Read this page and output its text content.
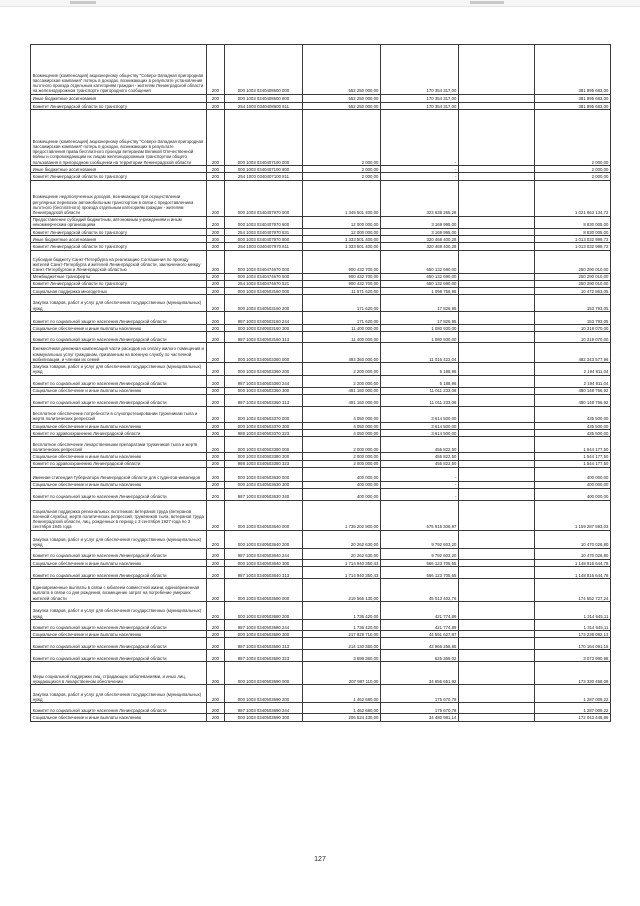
Возмещение (компенсация) акционерному обществу "Северо-Западная пригородная пассажирская компания" потерь в доходах, возникающих в результате установления льготного проезда отдельным категориям граждан - жителям Ленинградской области на железнодорожном транспорте пригородного сообщения	200	000 1003 0340408600 000	552 250 000,00	170 354 317,00		381 895 683,00
Иные бюджетные ассигнования	200	000 1003 0340408600 800	552 250 000,00	170 354 317,00		381 895 683,00
Комитет Ленинградской области по транспорту	200	254 1003 0340408600 811	552 250 000,00	170 354 317,00		381 895 683,00
Возмещение (компенсация) акционерному обществу "Северо-Западная пригородная пассажирская компания" потерь в доходах, возникающих в результате предоставления права бесплатного проезда ветеранам Великой Отечественной войны и сопровождающим их лицам железнодорожным транспортом общего пользования в пригородном сообщении на территории Ленинградской области	200	000 1003 0340407100 000	2 000,00	-		2 000,00
Иные бюджетные ассигнования	200	000 1003 0340407100 800	2 000,00	-		2 000,00
Комитет Ленинградской области по транспорту	200	254 1003 0340407100 811	2 000,00	-		2 000,00
Возмещение недополученных доходов, возникающих при осуществлении регулярных перевозок автомобильным транспортом в связи с предоставлением льготного (бесплатного) проезда отдельным категориям граждан - жителям Ленинградской области	200	000 1003 0340407970 000	1 345 501 400,00	323 638 265,28		1 021 863 134,72
Предоставление субсидий бюджетным, автономным учреждениям и иным некоммерческим организациям	200	000 1003 0340407970 600	12 000 000,00	3 169 995,00		8 830 005,00
Комитет Ленинградской области по транспорту	200	254 1003 0340407970 631	12 000 000,00	3 169 995,00		8 830 005,00
Иные бюджетные ассигнования	200	000 1003 0340407970 800	1 333 501 400,00	320 468 400,28		1 013 032 999,72
Комитет Ленинградской области по транспорту	200	254 1003 0340407970 811	1 333 501 400,00	320 468 400,28		1 013 032 999,72
Субсидия бюджету Санкт-Петербурга на реализацию Соглашения по проезду жителей Санкт-Петербурга и жителей Ленинградской области, заключенного между Санкт-Петербургом и Ленинградской областью	200	000 1003 0340474670 000	900 432 700,00	650 132 690,00		250 290 010,00
Межбюджетные трансферты	200	000 1003 0340474670 500	900 432 700,00	650 132 690,00		250 290 010,00
Комитет Ленинградской области по транспорту	200	254 1003 0340474670 521	900 432 700,00	650 132 690,00		250 290 010,00
Социальная поддержка многодетных	200	000 1003 0340503160 000	11 571 620,00	1 098 756,95		10 472 863,05
Закупка товаров, работ и услуг для обеспечения государственных (муниципальных) нужд	200	000 1003 0340503160 200	171 620,00	17 826,95		153 793,05
Комитет по социальной защите населения Ленинградской области	200	987 1003 0340503160 244	171 620,00	17 826,95		153 793,05
Социальное обеспечение и иные выплаты населению	200	000 1003 0340503160 300	11 400 000,00	1 080 930,00		10 319 070,00
Комитет по социальной защите населения Ленинградской области	200	987 1003 0340503160 313	11 400 000,00	1 080 930,00		10 319 070,00
Ежемесячная денежная компенсация части расходов на оплату жилого помещения и коммунальных услуг гражданам, призванным на военную службу по частичной мобилизации, и членам их семей	200	000 1003 0340503360 000	493 360 000,00	11 016 422,04		482 343 577,96
Закупка товаров, работ и услуг для обеспечения государственных (муниципальных) нужд	200	000 1003 0340503360 200	2 200 000,00	5 188,96		2 194 811,04
Комитет по социальной защите населения Ленинградской области	200	987 1003 0340503360 244	2 200 000,00	5 188,96		2 194 811,04
Социальное обеспечение и иные выплаты населению	200	000 1003 0340503360 300	491 160 000,00	11 011 233,08		480 148 766,92
Комитет по социальной защите населения Ленинградской области	200	987 1003 0340503360 313	491 160 000,00	11 011 233,08		480 148 766,92
Бесплатное обеспечение потребности в слухопротезировании труженикам тыла и жертв политических репрессий	200	000 1003 0340503370 000	4 050 000,00	3 614 500,00		435 500,00
Социальное обеспечение и иные выплаты населению	200	000 1003 0340503370 300	4 050 000,00	3 614 500,00		435 500,00
Комитет по здравоохранению Ленинградской области	200	988 1003 0340503370 323	4 050 000,00	3 614 500,00		435 500,00
Бесплатное обеспечение лекарственными препаратами тружеников тыла и жертв политических репрессий	200	000 1003 0340503380 000	2 000 000,00	455 822,50		1 544 177,50
Социальное обеспечение и иные выплаты населению	200	000 1003 0340503380 300	2 000 000,00	455 822,50		1 544 177,50
Комитет по здравоохранению Ленинградской области	200	988 1003 0340503380 323	2 000 000,00	455 822,50		1 544 177,50
Именная стипендия Губернатора Ленинградской области для студентов-инвалидов	200	000 1003 0340503630 000	400 000,00	-		400 000,00
Социальное обеспечение и иные выплаты населению	200	000 1003 0340503630 300	400 000,00	-		400 000,00
Комитет по социальной защите населения Ленинградской области	200	987 1003 0340503630 340	400 000,00	-		400 000,00
Социальная поддержка региональных льготников: ветеранов труда (ветеранов военной службы), жертв политических репрессий, тружеников тыла, ветеранов труда Ленинградской области, лиц, рожденных в период с 3 сентября 1927 года по 3 сентября 1945 года	200	000 1003 0340503640 000	1 735 202 900,00	575 915 306,97		1 159 287 593,03
Закупка товаров, работ и услуг для обеспечения государственных (муниципальных) нужд	200	000 1003 0340503640 200	20 262 630,00	9 792 603,20		10 470 026,80
Комитет по социальной защите населения Ленинградской области	200	987 1003 0340503640 244	20 262 630,00	9 792 603,20		10 470 026,80
Социальное обеспечение и иные выплаты населению	200	000 1003 0340503640 300	1 714 940 350,43	566 123 705,65		1 148 816 644,78
Комитет по социальной защите населения Ленинградской области	200	987 1003 0340503640 313	1 714 940 350,43	566 123 705,65		1 148 816 644,78
Единовременные выплаты в связи с юбилеем совместной жизни, единовременная выплата в связи со дня рождения, возмещение затрат на погребение умерших жителей области	200	000 1003 0340503680 000	219 566 130,00	45 013 402,76		174 552 727,24
Закупка товаров, работ и услуг для обеспечения государственных (муниципальных) нужд	200	000 1003 0340503680 200	1 736 420,00	421 774,89		1 314 645,11
Комитет по социальной защите населения Ленинградской области	200	987 1003 0340503680 244	1 736 420,00	421 774,89		1 314 645,11
Социальное обеспечение и иные выплаты населению	200	000 1003 0340503680 300	217 829 710,00	44 591 627,87		173 238 082,13
Комитет по социальной защите населения Ленинградской области	200	987 1003 0340503680 313	214 130 350,00	43 966 258,85		170 164 091,15
Комитет по социальной защите населения Ленинградской области	200	987 1003 0340503680 323	3 699 360,00	625 369,02		3 073 990,98
Меры социальной поддержки лиц, страдающих заболеваниями, и иных лиц, нуждающихся в лекарственном обеспечении	200	000 1003 0340503690 000	207 987 110,00	34 656 651,92		173 330 458,08
Закупка товаров, работ и услуг для обеспечения государственных (муниципальных) нужд	200	000 1003 0340503690 200	1 462 680,00	175 670,78		1 287 009,22
Комитет по социальной защите населения Ленинградской области	200	987 1003 0340503690 244	1 462 680,00	175 670,78		1 287 009,22
Социальное обеспечение и иные выплаты населению	200	000 1003 0340503690 300	206 524 430,00	34 480 981,14		172 043 448,86
127
